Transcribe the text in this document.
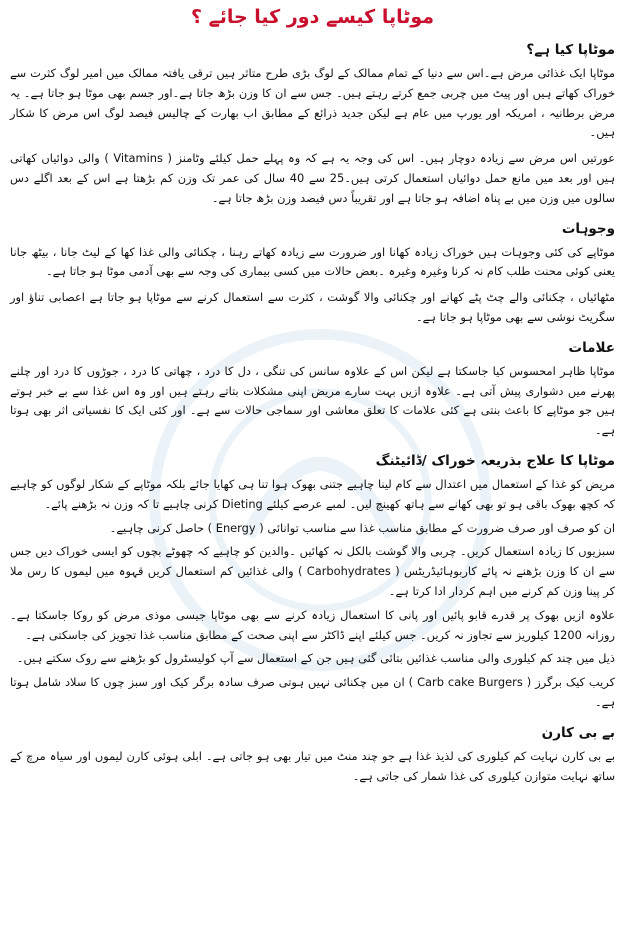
موٹاپا کیسے دور کیا جائے ؟
موٹاپا کیا ہے؟

موٹاپا ایک غذائی مرض ہے۔اس سے دنیا کے تمام ممالک کے لوگ بڑی طرح متاثر ہیں ترقی یافتہ ممالک میں امیر لوگ کثرت سے خوراک کھاتے ہیں اور پیٹ میں چربی جمع کرتے رہتے ہیں۔ جس سے ان کا وزن بڑھ جاتا ہے۔اور جسم بھی موٹا ہو جاتا ہے۔ یہ مرض برطانیہ ، امریکہ اور یورپ میں عام ہے لیکن جدید ذرائع کے مطابق اب بھارت کے چالیس فیصد لوگ اس مرض کا شکار ہیں۔

عورتیں اس مرض سے زیادہ دوچار ہیں۔ اس کی وجہ یہ ہے کہ وہ پہلے حمل کیلئے وٹامنز ( Vitamins ) والی دوائیاں کھاتی ہیں اور بعد میں مانع حمل دوائیاں استعمال کرتی ہیں۔25 سے 40 سال کی عمر تک وزن کم بڑھتا ہے اس کے بعد اگلے دس سالوں میں وزن میں بے پناہ اضافہ ہو جاتا ہے اور تقریباً دس فیصد وزن بڑھ جاتا ہے۔

وجوہات

موٹاپے کی کئی وجوہات ہیں خوراک زیادہ کھانا اور ضرورت سے زیادہ کھاتے رہنا ، چکنائی والی غذا کھا کے لیٹ جانا ، بیٹھ جانا یعنی کوئی محنت طلب کام نہ کرنا وغیرہ وغیرہ ۔بعض حالات میں کسی بیماری کی وجہ سے بھی آدمی موٹا ہو جاتا ہے۔

مٹھائیاں ، چکنائی والے چٹ پٹے کھانے اور چکنائی والا گوشت ، کثرت سے استعمال کرنے سے موٹاپا ہو جاتا ہے اعصابی تناؤ اور سگریٹ نوشی سے بھی موٹاپا ہو جاتا ہے۔

علامات

موٹاپا ظاہر امحسوس کیا جاسکتا ہے لیکن اس کے علاوہ سانس کی تنگی ، دل کا درد ، چھاتی کا درد ، جوڑوں کا درد اور چلنے پھرنے میں دشواری پیش آتی ہے۔ علاوہ ازیں بہت سارے مریض اپنی مشکلات بتاتے رہتے ہیں اور وہ اس غذا سے بے خبر ہوتے ہیں جو موٹاپے کا باعث بنتی ہے کئی علامات کا تعلق معاشی اور سماجی حالات سے ہے۔ اور کئی ایک کا نفسیاتی اثر بھی ہوتا ہے۔

موٹاپا کا علاج بذریعہ خوراک /ڈائیٹنگ

مریض کو غذا کے استعمال میں اعتدال سے کام لینا چاہیے جتنی بھوک ہوا تنا ہی کھایا جائے بلکہ موٹاپے کے شکار لوگوں کو چاہیے کہ کچھ بھوک باقی ہو تو بھی کھانے سے ہاتھ کھینچ لیں۔ لمبے عرصے کیلئے Dieting کرنی چاہیے تا کہ وزن نہ بڑھنے پائے۔

ان کو صرف اور صرف ضرورت کے مطابق مناسب غذا سے مناسب توانائی ( Energy ) حاصل کرنی چاہیے۔

سبزیوں کا زیادہ استعمال کریں۔ چربی والا گوشت بالکل نہ کھائیں ۔والدین کو چاہیے کہ چھوٹے بچوں کو ایسی خوراک دیں جس سے ان کا وزن بڑھنے نہ پائے کاربوہائیڈریٹس ( Carbohydrates ) والی غذائیں کم استعمال کریں قہوہ میں لیموں کا رس ملا کر پینا وزن کم کرنے میں اہم کردار ادا کرتا ہے۔

علاوہ ازیں بھوک پر قدرے قابو پائیں اور پانی کا استعمال زیادہ کرنے سے بھی موٹاپا جیسی موذی مرض کو روکا جاسکتا ہے۔ روزانہ 1200 کیلوریز سے تجاوز نہ کریں۔ جس کیلئے اپنے ڈاکٹر سے اپنی صحت کے مطابق مناسب غذا تجویز کی جاسکتی ہے۔

ذیل میں چند کم کیلوری والی مناسب غذائیں بتائی گئی ہیں جن کے استعمال سے آپ کولیسٹرول کو بڑھنے سے روک سکتے ہیں۔

کریب کیک برگرز ( Carb cake Burgers ) ان میں چکنائی نہیں ہوتی صرف سادہ برگر کیک اور سبز چوں کا سلاد شامل ہوتا ہے۔

بے بی کارن

بے بی کارن نہایت کم کیلوری کی لذیذ غذا ہے جو چند منٹ میں تیار بھی ہو جاتی ہے۔ ابلی ہوئی کارن لیموں اور سیاہ مرچ کے ساتھ نہایت متوازن کیلوری کی غذا شمار کی جاتی ہے۔
